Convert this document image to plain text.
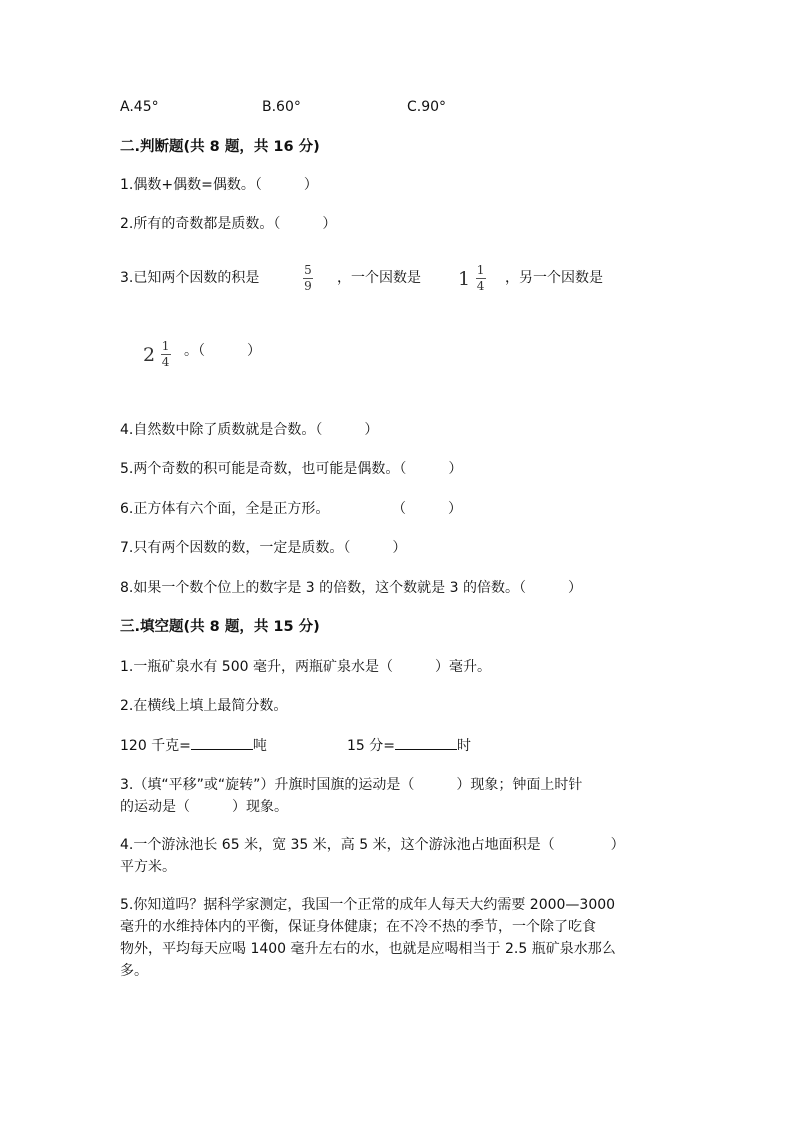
A.45°	B.60°	C.90°
二.判断题(共 8 题，共 16 分)
1.偶数+偶数=偶数。（　　　）
2.所有的奇数都是质数。（　　　）
3.已知两个因数的积是	$\frac{5}{9}$ ，一个因数是 $1 \frac{1}{4}$ ，另一个因数是
$2 \frac{1}{4}$ 。（　　　）
4.自然数中除了质数就是合数。（　　　）
5.两个奇数的积可能是奇数，也可能是偶数。（　　　）
6.正方体有六个面，全是正方形。	（　　　）
7.只有两个因数的数，一定是质数。（　　　）
8.如果一个数个位上的数字是 3 的倍数，这个数就是 3 的倍数。（　　　）
三.填空题(共 8 题，共 15 分)
1.一瓶矿泉水有 500 毫升，两瓶矿泉水是（　　　）毫升。
2.在横线上填上最简分数。
120 千克=	吨	15 分=	时
3.（填“平移”或“旋转”）升旗时国旗的运动是（　　　）现象；钟面上时针
的运动是（　　　）现象。
4.一个游泳池长 65 米，宽 35 米，高 5 米，这个游泳池占地面积是（　　　　）
平方米。
5.你知道吗？据科学家测定，我国一个正常的成年人每天大约需要 2000—3000
毫升的水维持体内的平衡，保证身体健康；在不冷不热的季节，一个除了吃食
物外，平均每天应喝 1400 毫升左右的水，也就是应喝相当于 2.5 瓶矿泉水那么
多。
